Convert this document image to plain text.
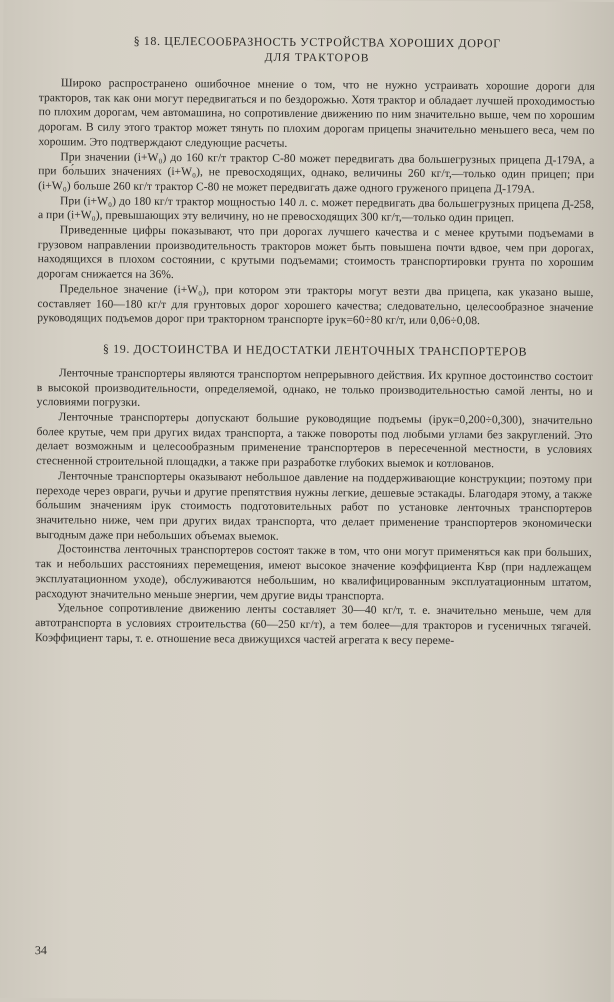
§ 18. ЦЕЛЕСООБРАЗНОСТЬ УСТРОЙСТВА ХОРОШИХ ДОРОГ
ДЛЯ ТРАКТОРОВ

Широко распространено ошибочное мнение о том, что не нужно устраивать хорошие дороги для тракторов, так как они могут передвигаться и по бездорожью. Хотя трактор и обладает лучшей проходимостью по плохим дорогам, чем автомашина, но сопротивление движению по ним значительно выше, чем по хорошим дорогам. В силу этого трактор может тянуть по плохим дорогам прицепы значительно меньшего веса, чем по хорошим. Это подтверждают следующие расчеты.

При значении (i+W₀) до 160 кг/т трактор С-80 может передвигать два большегрузных прицепа Д-179А, а при бо́льших значениях (i+W₀), не превосходящих, однако, величины 260 кг/т,—только один прицеп; при (i+W₀) больше 260 кг/т трактор С-80 не может передвигать даже одного груженого прицепа Д-179А.

При (i+W₀) до 180 кг/т трактор мощностью 140 л. с. может передвигать два большегрузных прицепа Д-258, а при (i+W₀), превышающих эту величину, но не превосходящих 300 кг/т,—только один прицеп.

Приведенные цифры показывают, что при дорогах лучшего качества и с менее крутыми подъемами в грузовом направлении производительность тракторов может быть повышена почти вдвое, чем при дорогах, находящихся в плохом состоянии, с крутыми подъемами; стоимость транспортировки грунта по хорошим дорогам снижается на 36%.

Предельное значение (i+W₀), при котором эти тракторы могут везти два прицепа, как указано выше, составляет 160—180 кг/т для грунтовых дорог хорошего качества; следовательно, целесообразное значение руководящих подъемов дорог при тракторном транспорте iрук=60÷80 кг/т, или 0,06÷0,08.

§ 19. ДОСТОИНСТВА И НЕДОСТАТКИ ЛЕНТОЧНЫХ ТРАНСПОРТЕРОВ

Ленточные транспортеры являются транспортом непрерывного действия. Их крупное достоинство состоит в высокой производительности, определяемой, однако, не только производительностью самой ленты, но и условиями погрузки.

Ленточные транспортеры допускают большие руководящие подъемы (iрук=0,200÷0,300), значительно более крутые, чем при других видах транспорта, а также повороты под любыми углами без закруглений. Это делает возможным и целесообразным применение транспортеров в пересеченной местности, в условиях стесненной строительной площадки, а также при разработке глубоких выемок и котлованов.

Ленточные транспортеры оказывают небольшое давление на поддерживающие конструкции; поэтому при переходе через овраги, ручьи и другие препятствия нужны легкие, дешевые эстакады. Благодаря этому, а также бо́льшим значениям iрук стоимость подготовительных работ по установке ленточных транспортеров значительно ниже, чем при других видах транспорта, что делает применение транспортеров экономически выгодным даже при небольших объемах выемок.

Достоинства ленточных транспортеров состоят также в том, что они могут применяться как при больших, так и небольших расстояниях перемещения, имеют высокое значение коэффициента Kвр (при надлежащем эксплуатационном уходе), обслуживаются небольшим, но квалифицированным эксплуатационным штатом, расходуют значительно меньше энергии, чем другие виды транспорта.

Удельное сопротивление движению ленты составляет 30—40 кг/т, т. е. значительно меньше, чем для автотранспорта в условиях строительства (60—250 кг/т), а тем более—для тракторов и гусеничных тягачей. Коэффициент тары, т. е. отношение веса движущихся частей агрегата к весу переме-

34
